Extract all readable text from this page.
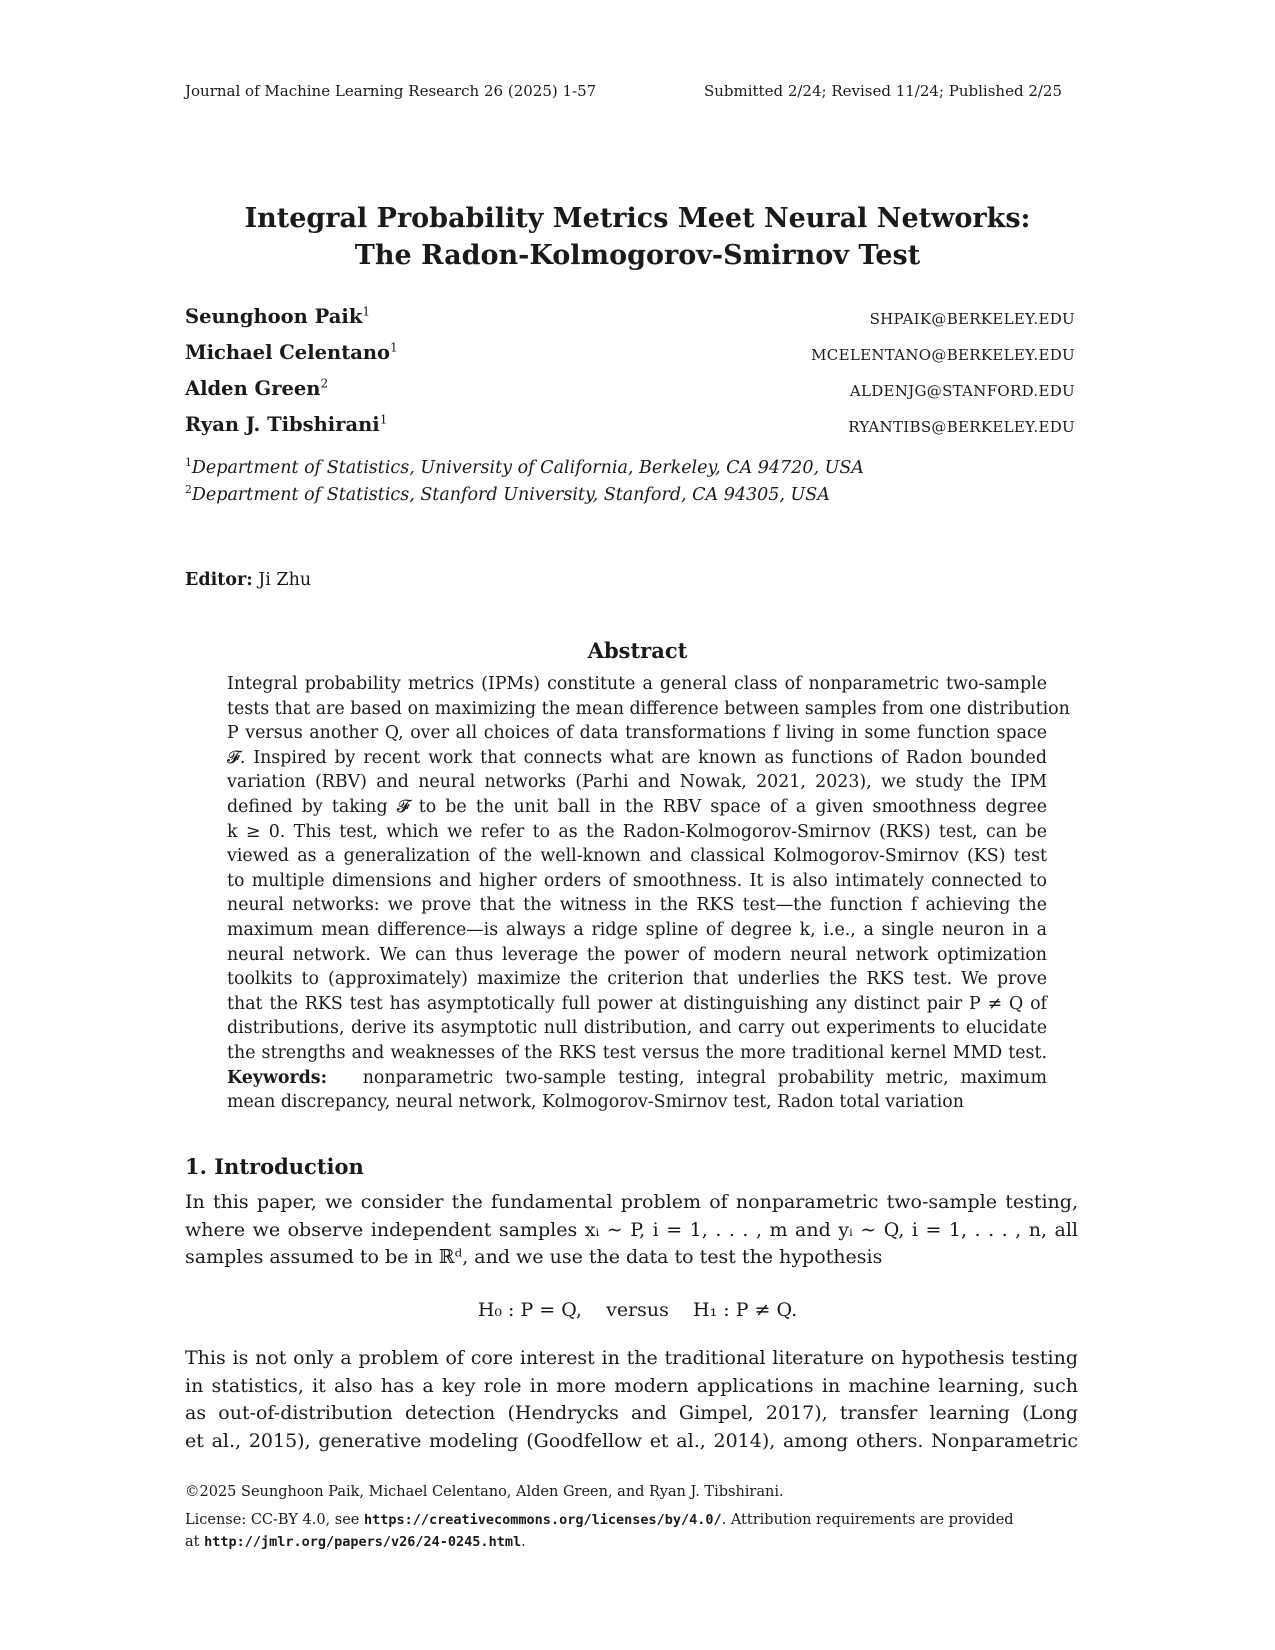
Journal of Machine Learning Research 26 (2025) 1-57	Submitted 2/24; Revised 11/24; Published 2/25
Integral Probability Metrics Meet Neural Networks:
The Radon-Kolmogorov-Smirnov Test
Seunghoon Paik$^1$	SHPAIK@BERKELEY.EDU
Michael Celentano$^1$	MCELENTANO@BERKELEY.EDU
Alden Green$^2$	ALDENJG@STANFORD.EDU
Ryan J. Tibshirani$^1$	RYANTIBS@BERKELEY.EDU
$^1$Department of Statistics, University of California, Berkeley, CA 94720, USA
$^2$Department of Statistics, Stanford University, Stanford, CA 94305, USA
Editor: Ji Zhu
Abstract
Integral probability metrics (IPMs) constitute a general class of nonparametric two-sample
tests that are based on maximizing the mean difference between samples from one distribution
P versus another Q, over all choices of data transformations f living in some function space
𝓕. Inspired by recent work that connects what are known as functions of Radon bounded
variation (RBV) and neural networks (Parhi and Nowak, 2021, 2023), we study the IPM
defined by taking 𝓕 to be the unit ball in the RBV space of a given smoothness degree
k ≥ 0. This test, which we refer to as the Radon-Kolmogorov-Smirnov (RKS) test, can be
viewed as a generalization of the well-known and classical Kolmogorov-Smirnov (KS) test
to multiple dimensions and higher orders of smoothness. It is also intimately connected to
neural networks: we prove that the witness in the RKS test—the function f achieving the
maximum mean difference—is always a ridge spline of degree k, i.e., a single neuron in a
neural network. We can thus leverage the power of modern neural network optimization
toolkits to (approximately) maximize the criterion that underlies the RKS test. We prove
that the RKS test has asymptotically full power at distinguishing any distinct pair P ≠ Q of
distributions, derive its asymptotic null distribution, and carry out experiments to elucidate
the strengths and weaknesses of the RKS test versus the more traditional kernel MMD test.
Keywords: nonparametric two-sample testing, integral probability metric, maximum
mean discrepancy, neural network, Kolmogorov-Smirnov test, Radon total variation
1. Introduction
In this paper, we consider the fundamental problem of nonparametric two-sample testing,
where we observe independent samples xᵢ ∼ P, i = 1, . . . , m and yᵢ ∼ Q, i = 1, . . . , n, all
samples assumed to be in ℝᵈ, and we use the data to test the hypothesis
H₀ : P = Q,    versus    H₁ : P ≠ Q.
This is not only a problem of core interest in the traditional literature on hypothesis testing
in statistics, it also has a key role in more modern applications in machine learning, such
as out-of-distribution detection (Hendrycks and Gimpel, 2017), transfer learning (Long
et al., 2015), generative modeling (Goodfellow et al., 2014), among others. Nonparametric
©2025 Seunghoon Paik, Michael Celentano, Alden Green, and Ryan J. Tibshirani.
License: CC-BY 4.0, see https://creativecommons.org/licenses/by/4.0/. Attribution requirements are provided
at http://jmlr.org/papers/v26/24-0245.html.
